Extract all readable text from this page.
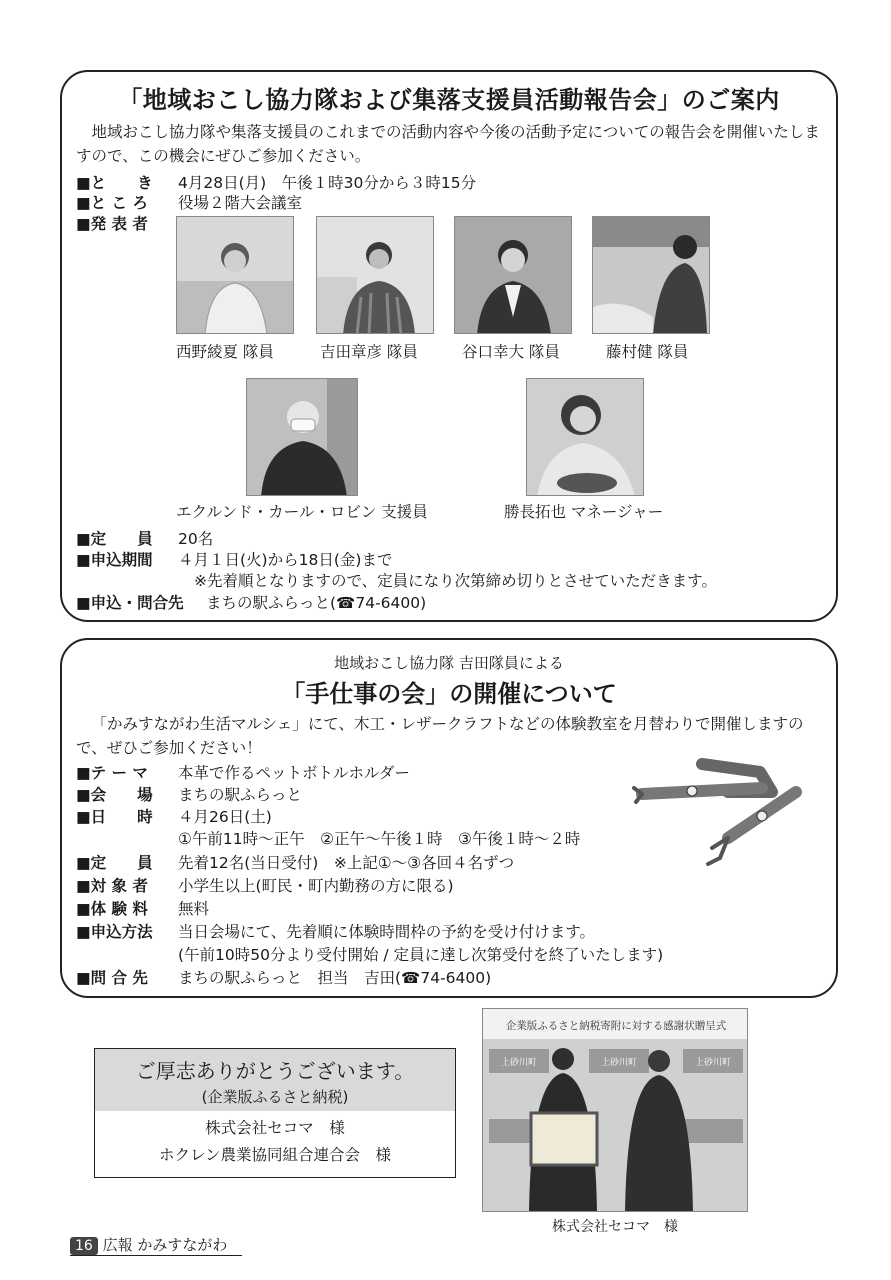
「地域おこし協力隊および集落支援員活動報告会」のご案内
地域おこし協力隊や集落支援員のこれまでの活動内容や今後の活動予定についての報告会を開催いたしますので、この機会にぜひご参加ください。
■と　　き 4月28日(月)　午後１時30分から３時15分
■と こ ろ 役場２階大会議室
■発 表 者
西野綾夏 隊員	吉田章彦 隊員	谷口幸大 隊員	藤村健 隊員
エクルンド・カール・ロビン 支援員	勝長拓也 マネージャー
■定　　員 20名
■申込期間 ４月１日(火)から18日(金)まで
※先着順となりますので、定員になり次第締め切りとさせていただきます。
■申込・問合先 まちの駅ふらっと(☎74-6400)
地域おこし協力隊 吉田隊員による
「手仕事の会」の開催について
「かみすながわ生活マルシェ」にて、木工・レザークラフトなどの体験教室を月替わりで開催しますので、ぜひご参加ください！
■テ ー マ 本革で作るペットボトルホルダー
■会　　場 まちの駅ふらっと
■日　　時 ４月26日(土)
①午前11時～正午　②正午～午後１時　③午後１時～２時
■定　　員 先着12名(当日受付)　※上記①～③各回４名ずつ
■対 象 者 小学生以上(町民・町内勤務の方に限る)
■体 験 料 無料
■申込方法 当日会場にて、先着順に体験時間枠の予約を受け付けます。
(午前10時50分より受付開始 / 定員に達し次第受付を終了いたします)
■問 合 先 まちの駅ふらっと　担当　吉田(☎74-6400)
ご厚志ありがとうございます。
(企業版ふるさと納税)
株式会社セコマ　様
ホクレン農業協同組合連合会　様
企業版ふるさと納税寄附に対する感謝状贈呈式
上砂川町	上砂川町	上砂川町
株式会社セコマ　様
16 広報 かみすながわ
